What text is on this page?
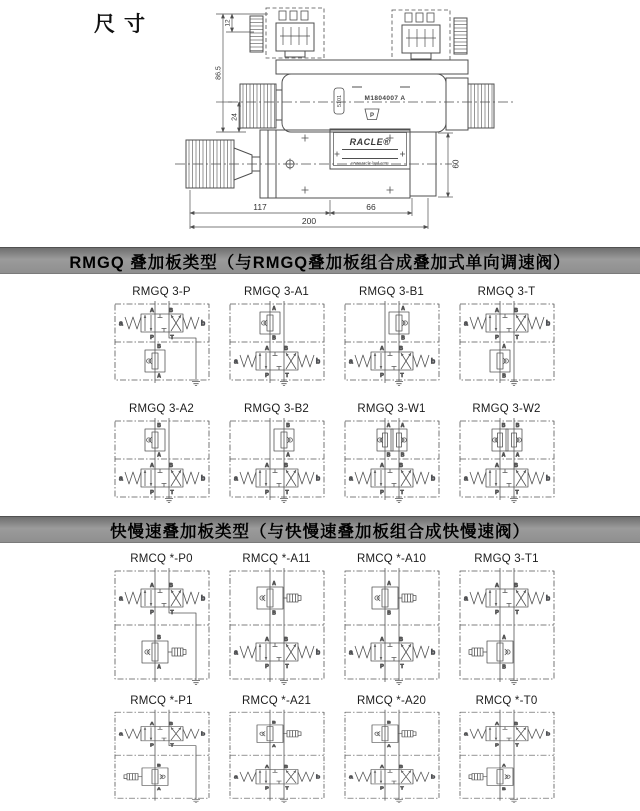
尺寸	12
86.5
24
60
117	66
200
M1804007 A
5101
P
RACLE®
www.racle-hyd.com
RMGQ 叠加板类型（与RMGQ叠加板组合成叠加式单向调速阀）
快慢速叠加板类型（与快慢速叠加板组合成快慢速阀）
RMGQ 3-P
a	b
A	B
P	T
B
A
RMGQ 3-A1
a	b
A	B
P	T
A
B
RMGQ 3-B1
a	b
A	B
P	T
A
B
RMGQ 3-T
a	b
A	B
P	T
A
B
RMGQ 3-A2
a	b
A	B
P	T
B
A
RMGQ 3-B2
a	b
A	B
P	T
B
A
RMGQ 3-W1
a	b
A	B
P	T
A
B
A
B
RMGQ 3-W2
a	b
A	B
P	T
B
A
B
A
RMCQ *-P0
a	b
A	B
P	T
B
A
RMCQ *-A11
a	b
A	B
P	T
A
B
RMCQ *-A10
a	b
A	B
P	T
A
B
RMGQ 3-T1
a	b
A	B
P	T
A
B
RMCQ *-P1
a	b
A	B
P	T
B
A
RMCQ *-A21
a	b
A	B
P	T
B
A
RMCQ *-A20
a	b
A	B
P	T
B
A
RMCQ *-T0
a	b
A	B
P	T
A
B
